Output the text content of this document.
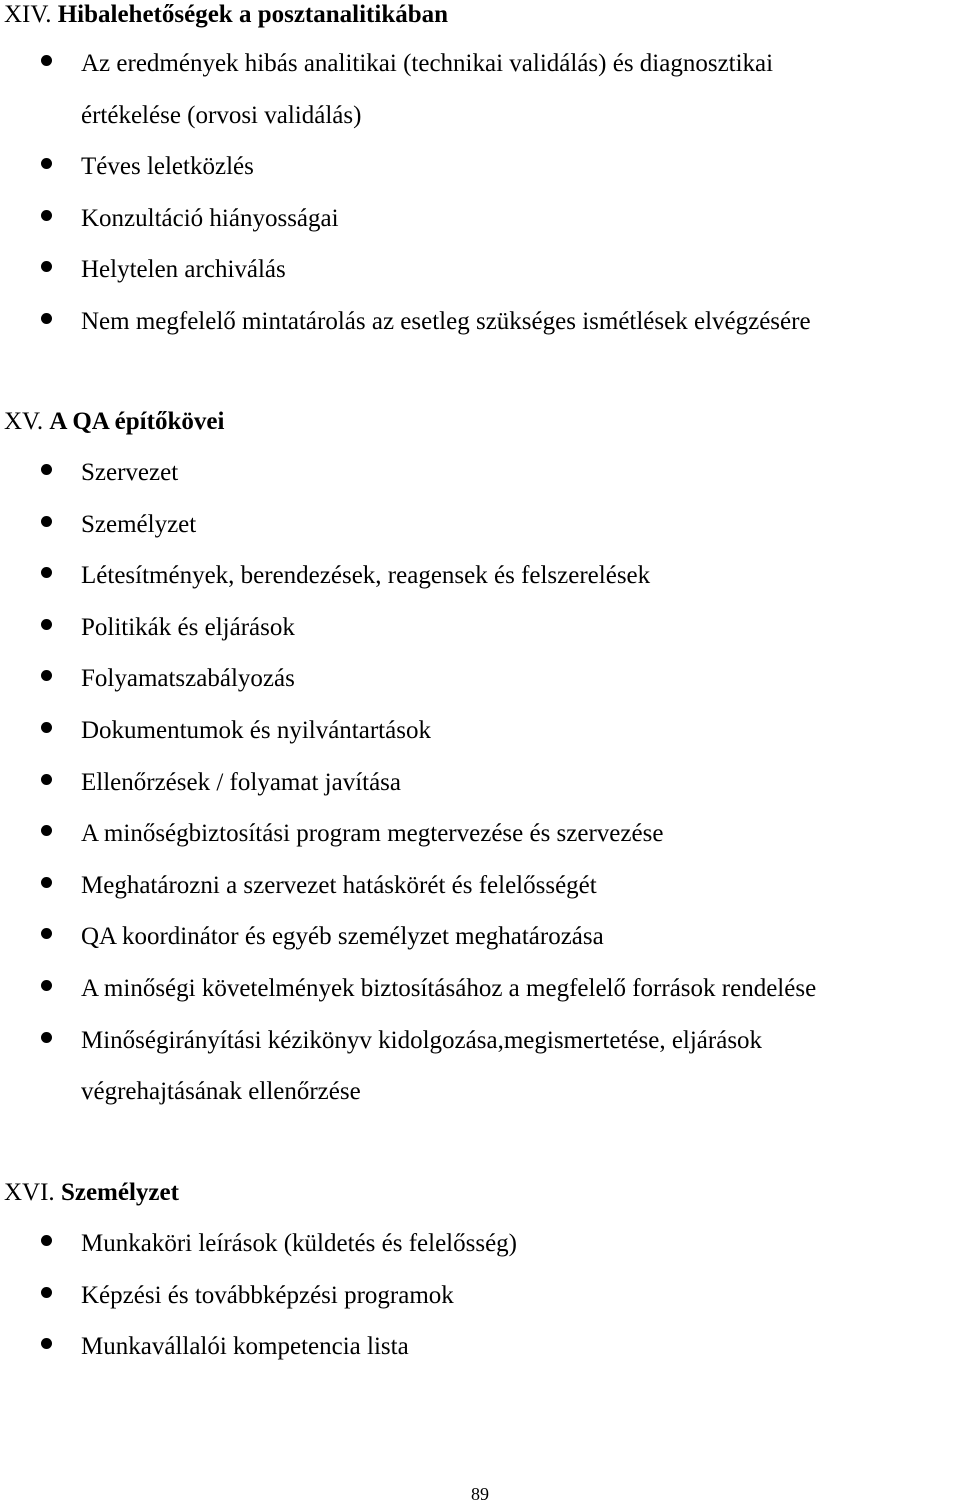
XIV. Hibalehetőségek a posztanalitikában
Az eredmények hibás analitikai (technikai validálás) és diagnosztikai
értékelése (orvosi validálás)
Téves leletközlés
Konzultáció hiányosságai
Helytelen archiválás
Nem megfelelő mintatárolás az esetleg szükséges ismétlések elvégzésére
XV. A QA építőkövei
Szervezet
Személyzet
Létesítmények, berendezések, reagensek és felszerelések
Politikák és eljárások
Folyamatszabályozás
Dokumentumok és nyilvántartások
Ellenőrzések / folyamat javítása
A minőségbiztosítási program megtervezése és szervezése
Meghatározni a szervezet hatáskörét és felelősségét
QA koordinátor és egyéb személyzet meghatározása
A minőségi követelmények biztosításához a megfelelő források rendelése
Minőségirányítási kézikönyv kidolgozása,megismertetése, eljárások
végrehajtásának ellenőrzése
XVI. Személyzet
Munkaköri leírások (küldetés és felelősség)
Képzési és továbbképzési programok
Munkavállalói kompetencia lista
89
